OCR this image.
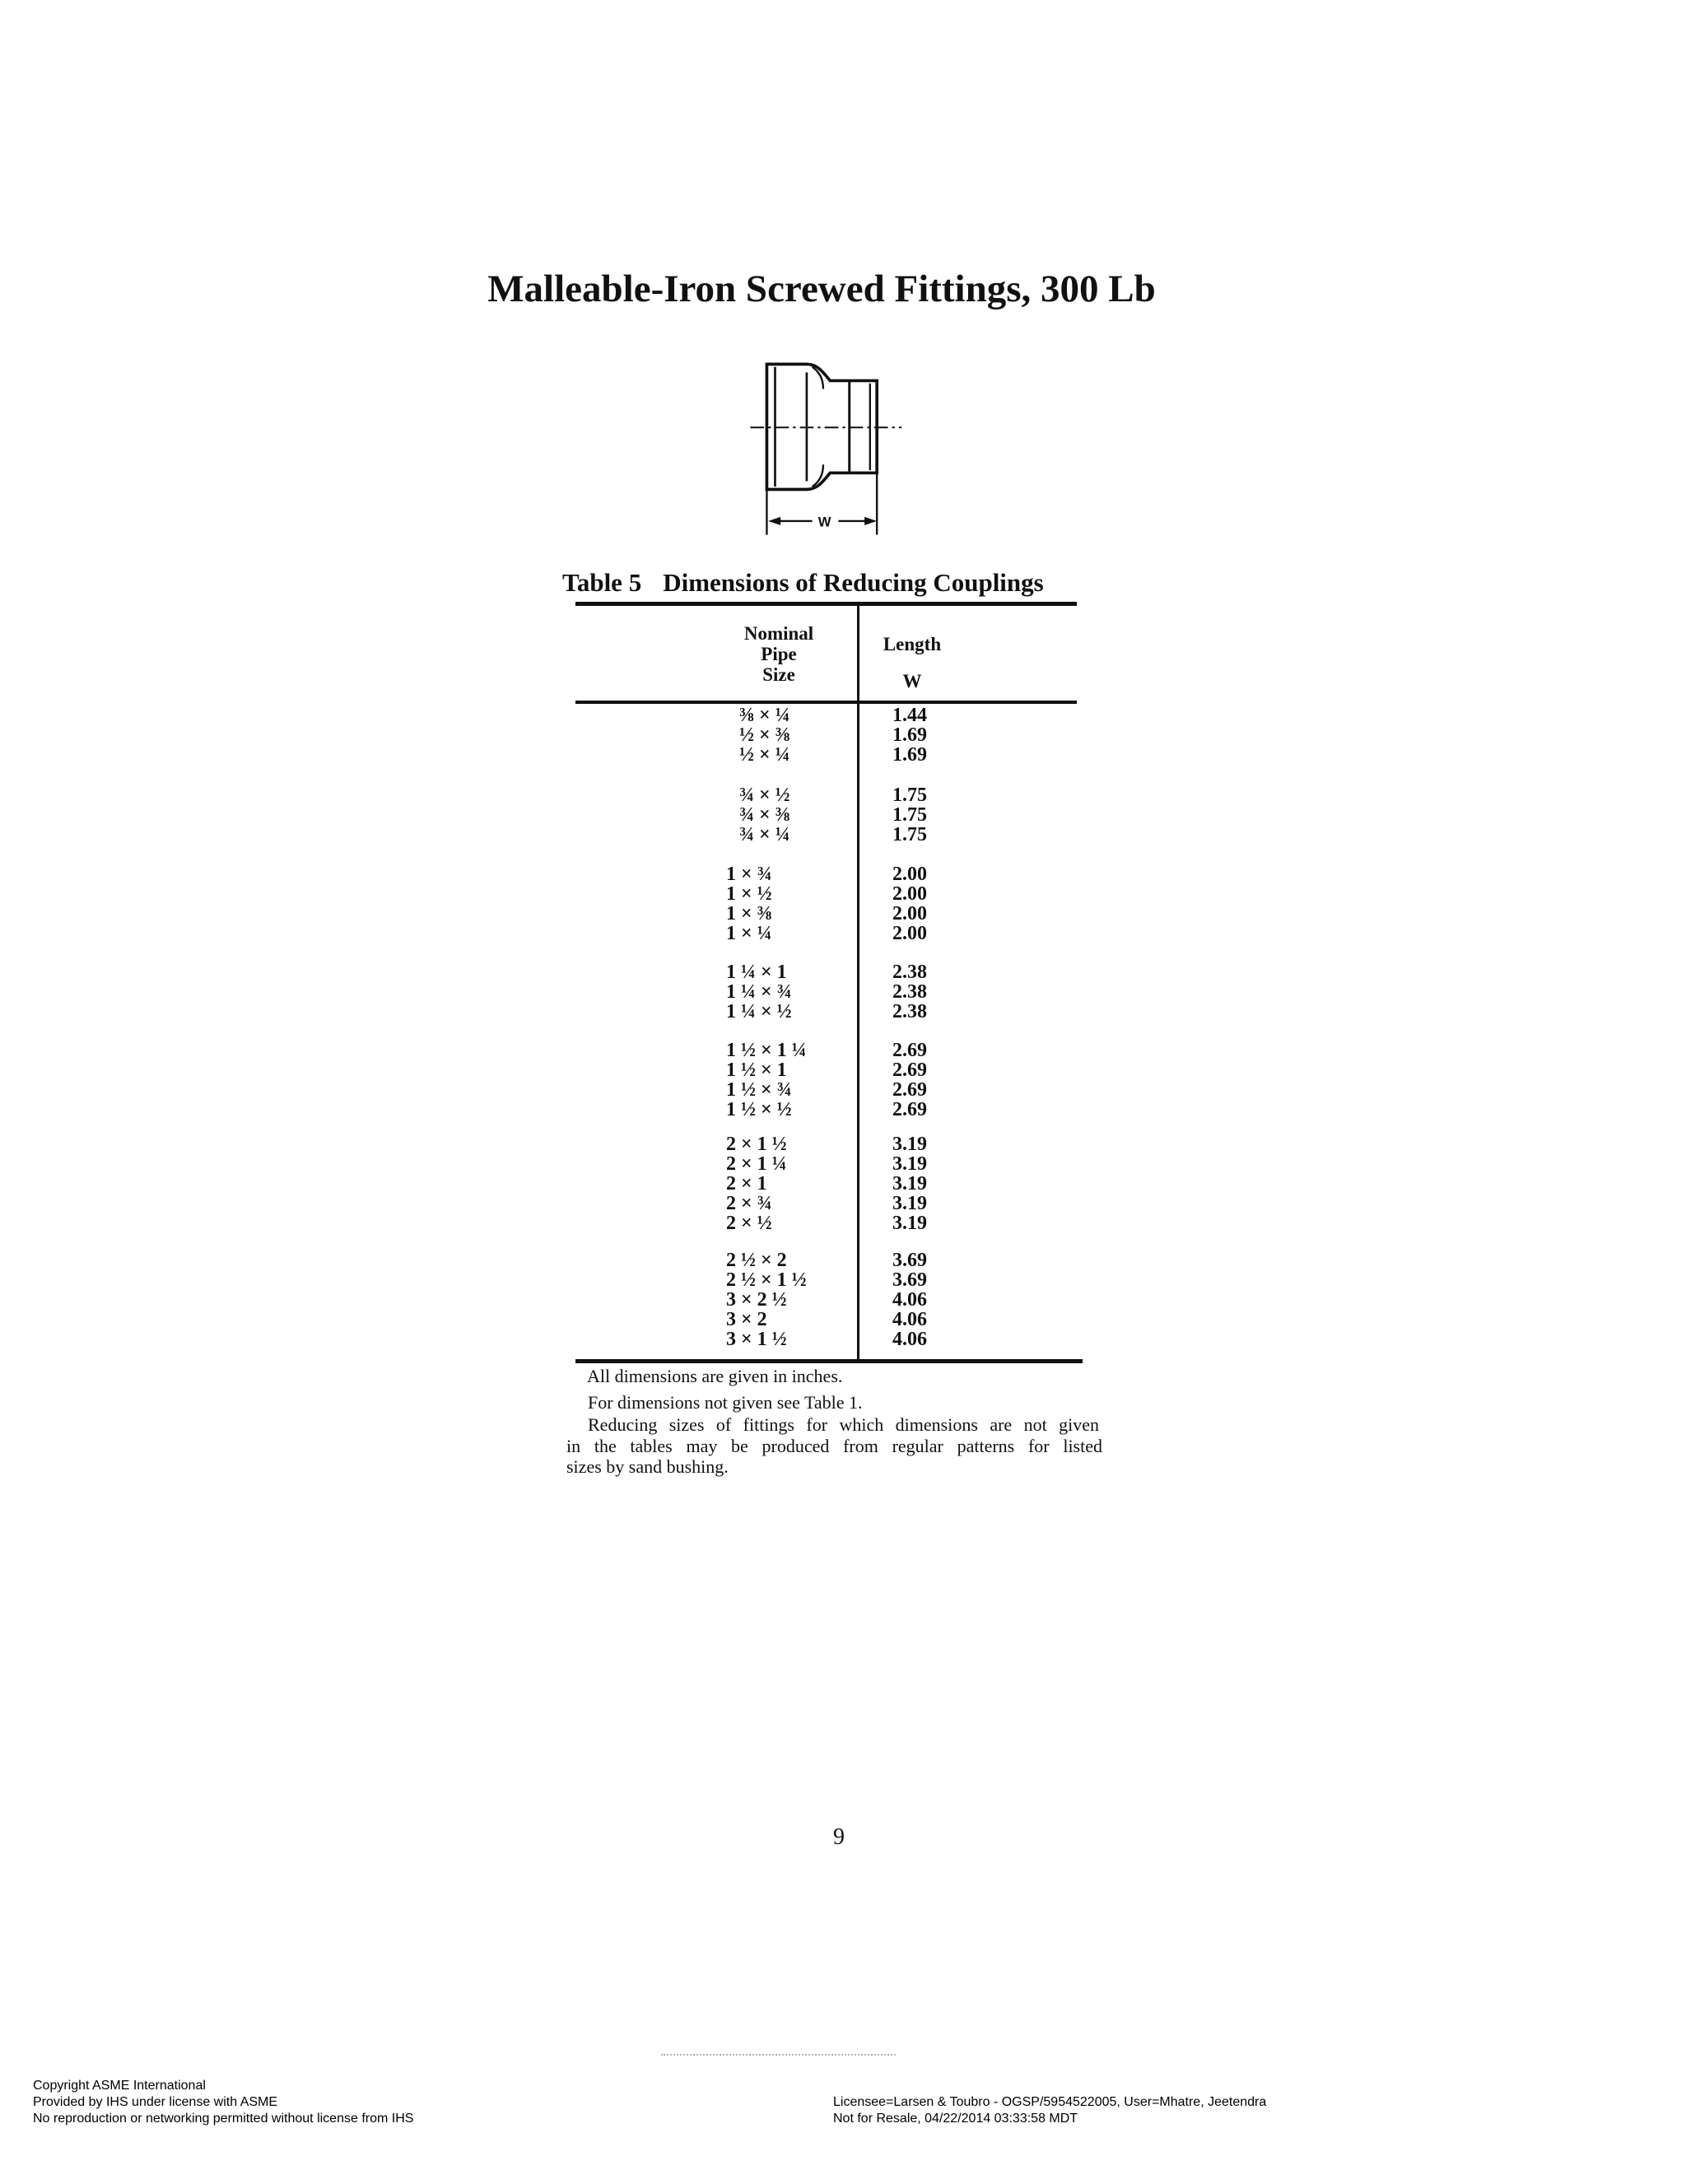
Malleable-Iron Screwed Fittings, 300 Lb
W
Table 5 Dimensions of Reducing Couplings
Nominal
Pipe
Size
Length
W
⅜ × ¼	1.44
½ × ⅜	1.69
½ × ¼	1.69
¾ × ½	1.75
¾ × ⅜	1.75
¾ × ¼	1.75
1 × ¾	2.00
1 × ½	2.00
1 × ⅜	2.00
1 × ¼	2.00
1 ¼ × 1	2.38
1 ¼ × ¾	2.38
1 ¼ × ½	2.38
1 ½ × 1 ¼	2.69
1 ½ × 1	2.69
1 ½ × ¾	2.69
1 ½ × ½	2.69
2 × 1 ½	3.19
2 × 1 ¼	3.19
2 × 1	3.19
2 × ¾	3.19
2 × ½	3.19
2 ½ × 2	3.69
2 ½ × 1 ½	3.69
3 × 2 ½	4.06
3 × 2	4.06
3 × 1 ½	4.06
All dimensions are given in inches.
For dimensions not given see Table 1.
Reducing sizes of fittings for which dimensions are not given
in the tables may be produced from regular patterns for listed
sizes by sand bushing.
9
Copyright ASME International
Provided by IHS under license with ASME
No reproduction or networking permitted without license from IHS
Licensee=Larsen & Toubro - OGSP/5954522005, User=Mhatre, Jeetendra
Not for Resale, 04/22/2014 03:33:58 MDT
